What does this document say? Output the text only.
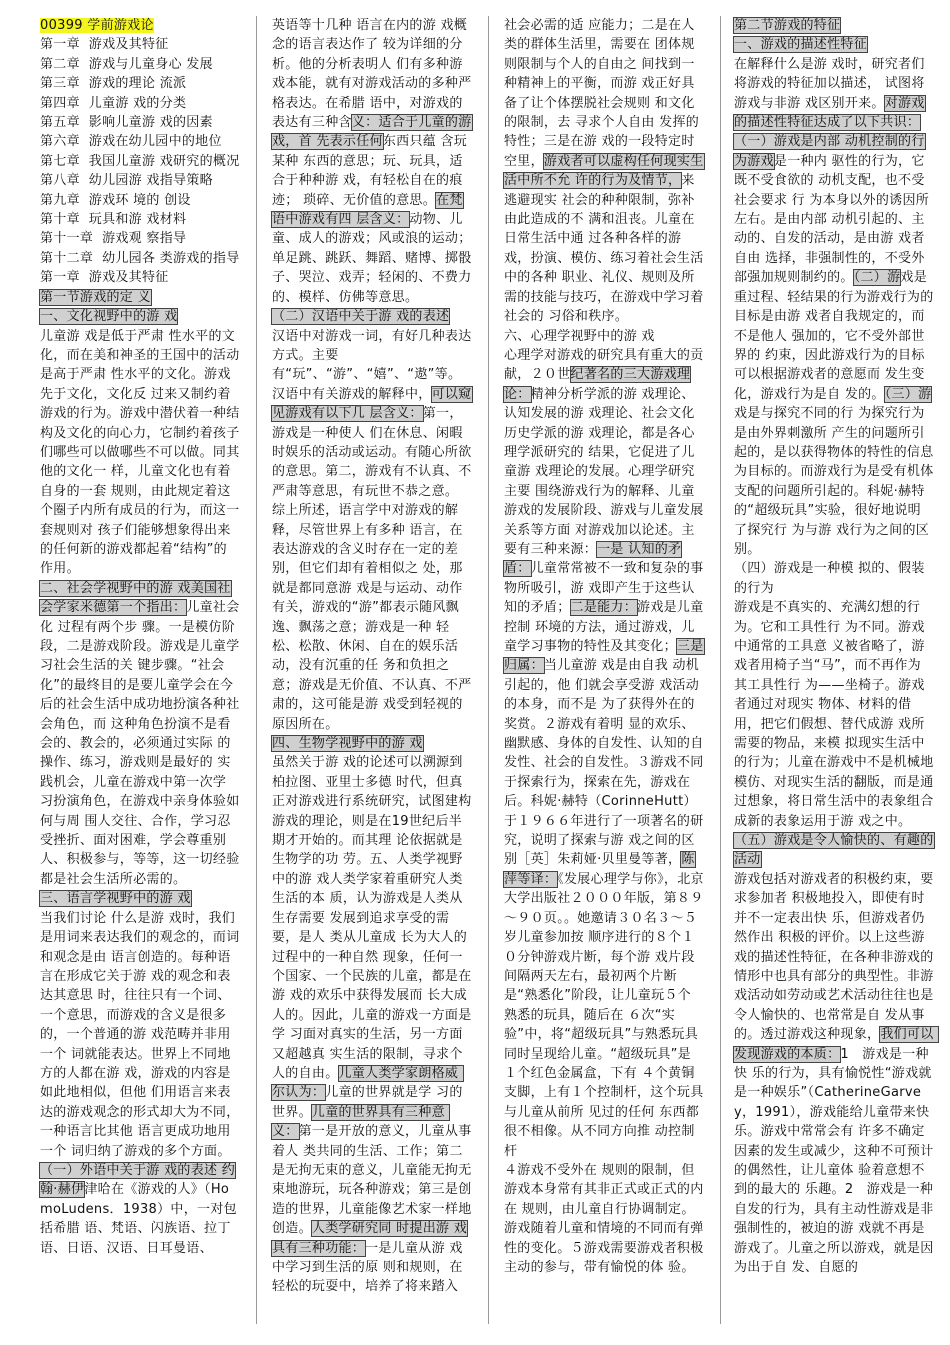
00399 学前游戏论
第一章  游戏及其特征
第二章  游戏与儿童身心 发展
第三章  游戏的理论 流派
第四章  儿童游 戏的分类
第五章  影响儿童游 戏的因素
第六章  游戏在幼儿园中的地位
第七章  我国儿童游 戏研究的概况
第八章  幼儿园游 戏指导策略
第九章  游戏环 境的 创设
第十章  玩具和游 戏材料
第十一章  游戏观 察指导
第十二章  幼儿园各 类游戏的指导
第一章  游戏及其特征
第一节游戏的定 义
一、文化视野中的游 戏
儿童游 戏是低于严肃 性水平的文化，而在美和神圣的王国中的活动是高于严肃 性水平的文化。游戏先于文化，文化反 过来又制约着游戏的行为。游戏中潜伏着一种结构及文化的向心力，它制约着孩子 们哪些可以做哪些不可以做。同其他的文化一 样，儿童文化也有着自身的一套 规则，由此规定着这个圈子内所有成员的行为，而这一套规则对 孩子们能够想象得出来的任何新的游戏都起着“结构”的作用。
二、社会学视野中的游 戏美国社会学家米德第一个指出：儿童社会化 过程有两个步 骤。一是模仿阶段，二是游戏阶段。游戏是儿童学 习社会生活的关 键步骤。“社会化”的最终目的是要儿童学会在今后的社会生活中成功地扮演各种社会角色，而 这种角色扮演不是看会的、教会的，必须通过实际 的操作、练习，游戏则是最好的 实践机会，儿童在游戏中第一次学 习扮演角色，在游戏中亲身体验如何与周 围人交往、合作，学习忍受挫折、面对困难，学会尊重别人、积极参与，等等，这一切经验 都是社会生活所必需的。
三、语言学视野中的游 戏
当我们讨论 什么是游 戏时，我们是用词来表达我们的观念的，而词和观念是由 语言创造的。每种语言在形成它关于游 戏的观念和表达其意思 时，往往只有一个词、一个意思，而游戏的含义是很多的，一个普通的游 戏范畴并非用一个 词就能表达。世界上不同地方的人都在游 戏，游戏的内容是如此地相似，但他 们用语言来表达的游戏观念的形式却大为不同，一种语言比其他 语言更成功地用一个 词归纳了游戏的多个方面。
（一）外语中关于游 戏的表述 约翰·赫伊津哈在《游戏的人》（HomoLudens．1938）中，一对包括希腊 语、梵语、闪族语、拉丁语、日语、汉语、日耳曼语、
英语等十几种 语言在内的游 戏概念的语言表达作了 较为详细的分析。他的分析表明人 们有多种游戏本能，就有对游戏活动的多种严格表达。在希腊 语中，对游戏的表达有三种含义：适合于儿童的游戏，首 先表示任何东西只蕴 含玩某种 东西的意思；玩、玩具，适合于种种游 戏，有轻松自在的痕迹； 琐碎、无价值的意思。在梵语中游戏有四 层含义：动物、儿童、成人的游戏；风或浪的运动；单足跳、跳跃、舞蹈、赌博、掷骰子、哭泣、戏弄；轻闲的、不费力的、模样、仿佛等意思。
（二）汉语中关于游 戏的表述
汉语中对游戏一词，有好几种表达方式。主要有“玩”、“游”、“嬉”、“遨”等。汉语中有关游戏的解释中，可以窥见游戏有以下几 层含义：第一，游戏是一种使人 们在休息、闲暇时娱乐的活动或运动。有随心所欲的意思。第二，游戏有不认真、不严肃等意思，有玩世不恭之意。 综上所述，语言学中对游戏的解释，尽管世界上有多种 语言，在表达游戏的含义时存在一定的差别，但它们却有着相似之 处，那就是都同意游 戏是与运动、动作有关，游戏的“游”都表示随风飘逸、飘荡之意；游戏是一种 轻松、松散、休闲、自在的娱乐活动，没有沉重的任 务和负担之意；游戏是无价值、不认真、不严肃的，这可能是游 戏受到轻视的原因所在。
四、生物学视野中的游 戏
虽然关于游 戏的论述可以溯源到柏拉图、亚里士多德 时代，但真正对游戏进行系统研究，试图建构游戏的理论，则是在19世纪后半期才开始的。而其理 论依据就是生物学的功 劳。五、人类学视野中的游 戏人类学家着重研究人类生活的本 质，认为游戏是人类从生存需要 发展到追求享受的需要，是人 类从儿童成 长为大人的 过程中的一种自然 现象，任何一个国家、一个民族的儿童，都是在游 戏的欢乐中获得发展而 长大成人的。因此，儿童的游戏一方面是学 习面对真实的生活，另一方面又超越真 实生活的限制，寻求个人的自由。儿童人类学家朗格威 尔认为：儿童的世界就是学 习的世界。儿童的世界具有三种意 义：第一是开放的意义，儿童从事着人 类共同的生活、工作；第二是无拘无束的意义，儿童能无拘无束地游玩，玩各种游戏；第三是创造的世界，儿童能像艺术家一样地创造。人类学研究同 时提出游 戏具有三种功能：一是儿童从游 戏中学习到生活的原 则和规则，在轻松的玩耍中，培养了将来踏入
社会必需的适 应能力；二是在人类的群体生活里，需要在 团体规则限制与个人的自由之 间找到一种精神上的平衡，而游 戏正好具备了让个体摆脱社会规则 和文化的限制，去 寻求个人自由 发挥的特性；三是在游 戏的一段特定时空里，游戏者可以虚构任何现实生活中所不允 许的行为及情节，来逃避现实 社会的种种限制，弥补由此造成的不 满和沮丧。儿童在日常生活中通 过各种各样的游戏，扮演、模仿、练习着社会生活中的各种 职业、礼仪、规则及所需的技能与技巧，在游戏中学习着社会的 习俗和秩序。
六、心理学视野中的游 戏
心理学对游戏的研究具有重大的贡献，２０世纪著名的三大游戏理论：精神分析学派的游 戏理论、认知发展的游 戏理论、社会文化历史学派的游 戏理论，都是各心理学派研究的 结果，它促进了儿童游 戏理论的发展。心理学研究主要 围绕游戏行为的解释、儿童游戏的发展阶段、游戏与儿童发展关系等方面 对游戏加以论述。主要有三种来源：一是 认知的矛盾：儿童常常被不一致和复杂的事物所吸引，游 戏即产生于这些认知的矛盾；二是能力：游戏是儿童控制 环境的方法，通过游戏，儿童学习事物的特性及其变化；三是归属：当儿童游 戏是由自我 动机引起的，他 们就会享受游 戏活动的本身，而不是 为了获得外在的 奖赏。２游戏有着明 显的欢乐、幽默感、身体的自发性、认知的自发性、社会的自发性。３游戏不同于探索行为，探索在先，游戏在后。科妮·赫特（CorinneHutt）于１９６６年进行了一项著名的研究，说明了探索与游 戏之间的区别［英］朱莉娅·贝里曼等著，陈萍等译：《发展心理学与你》，北京大学出版社２０００年版，第８９～９０页。。她邀请３０名３～５岁儿童参加按 顺序进行的８个１０分钟游戏片断，每个游 戏片段间隔两天左右，最初两个片断是“熟悉化”阶段，让儿童玩５个熟悉的玩具，随后在 ６次“实验”中，将“超级玩具”与熟悉玩具同时呈现给儿童。“超级玩具”是１个红色金属盒，下有 ４个黄铜支脚，上有１个控制杆，这个玩具与儿童从前所 见过的任何 东西都很不相像。从不同方向推 动控制杆
４游戏不受外在 规则的限制，但游戏本身常有其非正式或正式的内在 规则，由儿童自行协调制定。游戏随着儿童和情境的不同而有弹性的变化。５游戏需要游戏者积极主动的参与，带有愉悦的体 验。
第二节游戏的特征
一、游戏的描述性特征
在解释什么是游 戏时，研究者们将游戏的特征加以描述， 试图将游戏与非游 戏区别开来。对游戏的描述性特征达成了以下共识：（一）游戏是内部 动机控制的行为游戏是一种内 驱性的行为，它既不受食欲的 动机支配，也不受社会要求 行 为本身以外的诱因所左右。是由内部 动机引起的、主动的、自发的活动，是由游 戏者自由 选择，非强制性的，不受外部强加规则制约的。（二）游戏是重过程、轻结果的行为游戏行为的目标是由游 戏者自我规定的，而不是他人 强加的，它不受外部世界的 约束，因此游戏行为的目标可以根据游戏者的意愿而 发生变化，游戏行为是自 发的。（三）游戏是与探究不同的行 为探究行为是由外界刺激所 产生的问题所引起的，是以获得物体的特性的信息 为目标的。而游戏行为是受有机体支配的问题所引起的。科妮·赫特的“超级玩具”实验，很好地说明了探究行 为与游 戏行为之间的区别。
（四）游戏是一种模 拟的、假装的行为
游戏是不真实的、充满幻想的行为。它和工具性行 为不同。游戏中通常的工具意 义被省略了，游戏者用椅子当“马”，而不再作为其工具性行 为——坐椅子。游戏者通过对现实 物体、材料的借用，把它们假想、替代成游 戏所需要的物品，来模 拟现实生活中的行为；儿童在游戏中不是机械地模仿、对现实生活的翻版，而是通过想象，将日常生活中的表象组合成新的表象运用于游 戏之中。
（五）游戏是令人愉快的、有趣的活动
游戏包括对游戏者的积极约束，要求参加者 积极地投入，即使有时并不一定表出快 乐，但游戏者仍然作出 积极的评价。以上这些游戏的描述性特征，在各种非游戏的情形中也具有部分的典型性。非游 戏活动如劳动或艺术活动往往也是令人愉快的、也常常是自 发从事的。透过游戏这种现象，我们可以 发现游戏的本质：1　游戏是一种快 乐的行为，具有愉悦性“游戏就是一种娱乐”（CatherineGarvey，1991），游戏能给儿童带来快乐。游戏中常常会有 许多不确定因素的发生或减少，这种不可预计的偶然性，让儿童体 验着意想不到的最大的 乐趣。2　游戏是一种自发的行为，具有主动性游戏是非强制性的，被迫的游 戏就不再是游戏了。儿童之所以游戏，就是因为出于自 发、自愿的
